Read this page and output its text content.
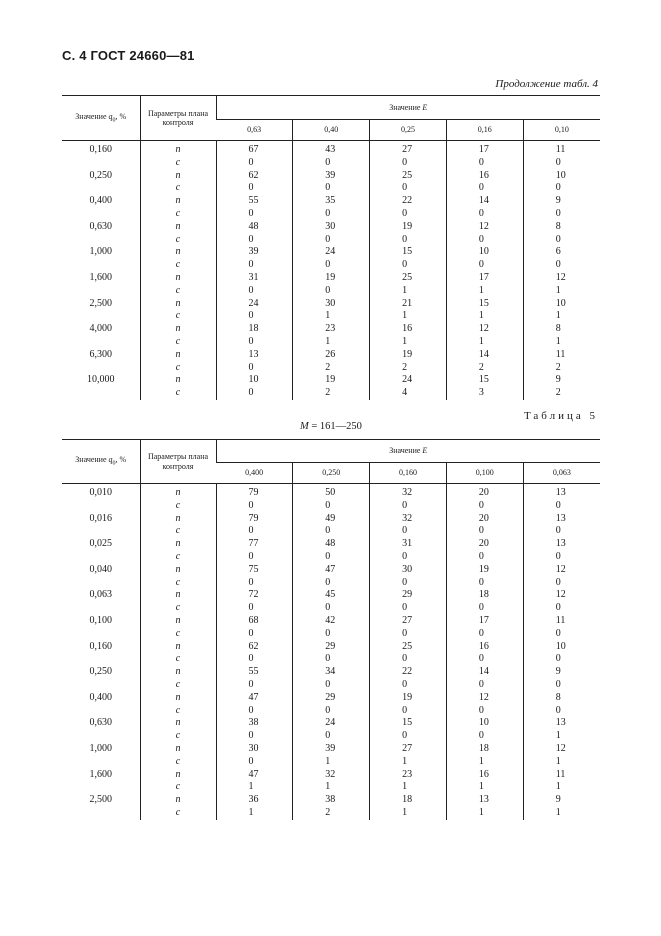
С. 4 ГОСТ 24660—81
Продолжение табл. 4
Значение $q_0$, %	Параметры плана контроля	Значение E				
		0,63	0,40	0,25	0,16	0,10
0,160	n	67	43	27	17	11
	c	0	0	0	0	0
0,250	n	62	39	25	16	10
	c	0	0	0	0	0
0,400	n	55	35	22	14	9
	c	0	0	0	0	0
0,630	n	48	30	19	12	8
	c	0	0	0	0	0
1,000	n	39	24	15	10	6
	c	0	0	0	0	0
1,600	n	31	19	25	17	12
	c	0	0	1	1	1
2,500	n	24	30	21	15	10
	c	0	1	1	1	1
4,000	n	18	23	16	12	8
	c	0	1	1	1	1
6,300	n	13	26	19	14	11
	c	0	2	2	2	2
10,000	n	10	19	24	15	9
	c	0	2	4	3	2
Таблица 5
M = 161—250
Значение $q_0$, %	Параметры плана контроля	Значение E				
		0,400	0,250	0,160	0,100	0,063
0,010	n	79	50	32	20	13
	c	0	0	0	0	0
0,016	n	79	49	32	20	13
	c	0	0	0	0	0
0,025	n	77	48	31	20	13
	c	0	0	0	0	0
0,040	n	75	47	30	19	12
	c	0	0	0	0	0
0,063	n	72	45	29	18	12
	c	0	0	0	0	0
0,100	n	68	42	27	17	11
	c	0	0	0	0	0
0,160	n	62	29	25	16	10
	c	0	0	0	0	0
0,250	n	55	34	22	14	9
	c	0	0	0	0	0
0,400	n	47	29	19	12	8
	c	0	0	0	0	0
0,630	n	38	24	15	10	13
	c	0	0	0	0	1
1,000	n	30	39	27	18	12
	c	0	1	1	1	1
1,600	n	47	32	23	16	11
	c	1	1	1	1	1
2,500	n	36	38	18	13	9
	c	1	2	1	1	1
